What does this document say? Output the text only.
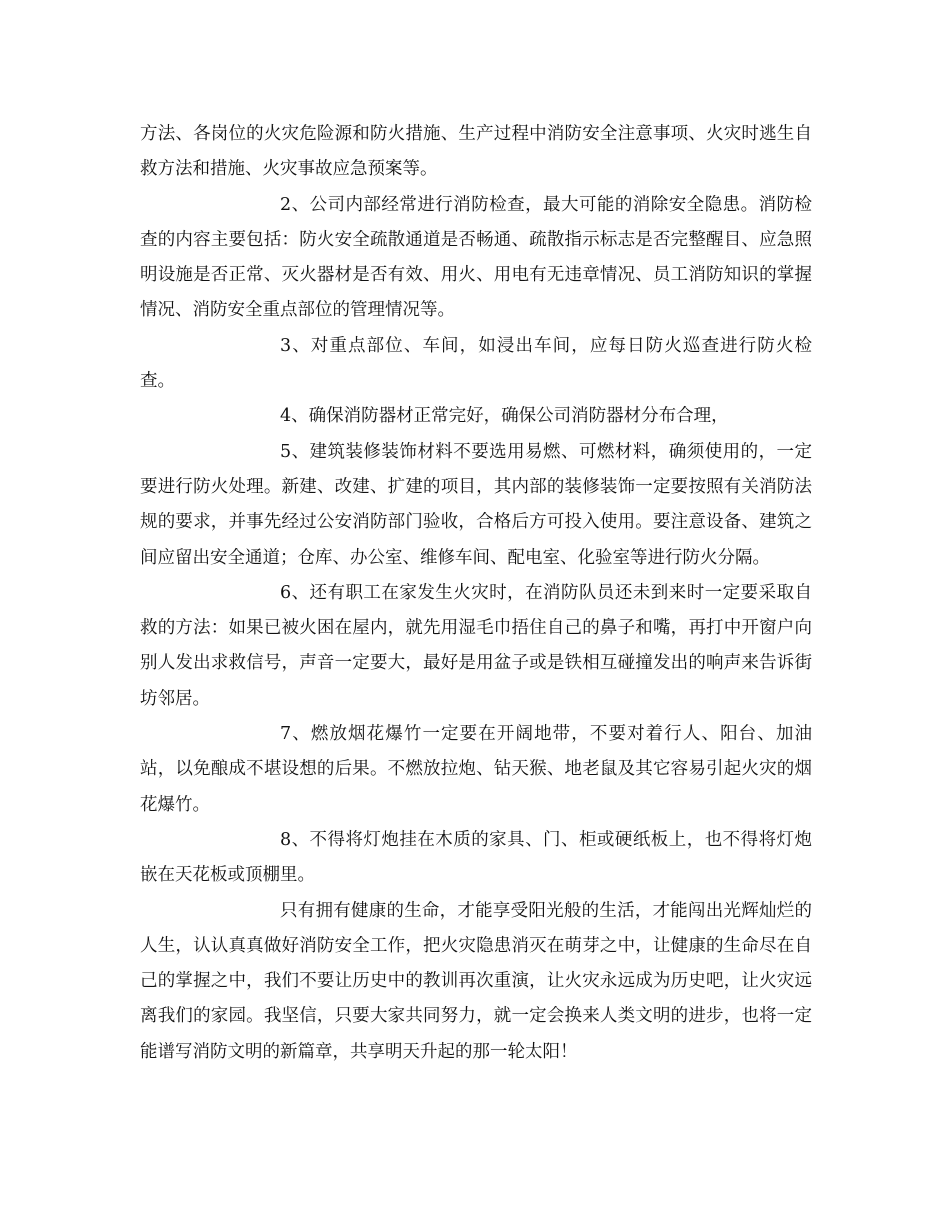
方法、各岗位的火灾危险源和防火措施、生产过程中消防安全注意事项、火灾时逃生自救方法和措施、火灾事故应急预案等。

2、公司内部经常进行消防检查，最大可能的消除安全隐患。消防检查的内容主要包括：防火安全疏散通道是否畅通、疏散指示标志是否完整醒目、应急照明设施是否正常、灭火器材是否有效、用火、用电有无违章情况、员工消防知识的掌握情况、消防安全重点部位的管理情况等。

3、对重点部位、车间，如浸出车间，应每日防火巡查进行防火检查。

4、确保消防器材正常完好，确保公司消防器材分布合理，

5、建筑装修装饰材料不要选用易燃、可燃材料，确须使用的，一定要进行防火处理。新建、改建、扩建的项目，其内部的装修装饰一定要按照有关消防法规的要求，并事先经过公安消防部门验收，合格后方可投入使用。要注意设备、建筑之间应留出安全通道；仓库、办公室、维修车间、配电室、化验室等进行防火分隔。

6、还有职工在家发生火灾时，在消防队员还未到来时一定要采取自救的方法：如果已被火困在屋内，就先用湿毛巾捂住自己的鼻子和嘴，再打中开窗户向别人发出求救信号，声音一定要大，最好是用盆子或是铁相互碰撞发出的响声来告诉街坊邻居。

7、燃放烟花爆竹一定要在开阔地带，不要对着行人、阳台、加油站，以免酿成不堪设想的后果。不燃放拉炮、钻天猴、地老鼠及其它容易引起火灾的烟花爆竹。

8、不得将灯炮挂在木质的家具、门、柜或硬纸板上，也不得将灯炮嵌在天花板或顶棚里。

只有拥有健康的生命，才能享受阳光般的生活，才能闯出光辉灿烂的人生，认认真真做好消防安全工作，把火灾隐患消灭在萌芽之中，让健康的生命尽在自己的掌握之中，我们不要让历史中的教训再次重演，让火灾永远成为历史吧，让火灾远离我们的家园。我坚信，只要大家共同努力，就一定会换来人类文明的进步，也将一定能谱写消防文明的新篇章，共享明天升起的那一轮太阳！
